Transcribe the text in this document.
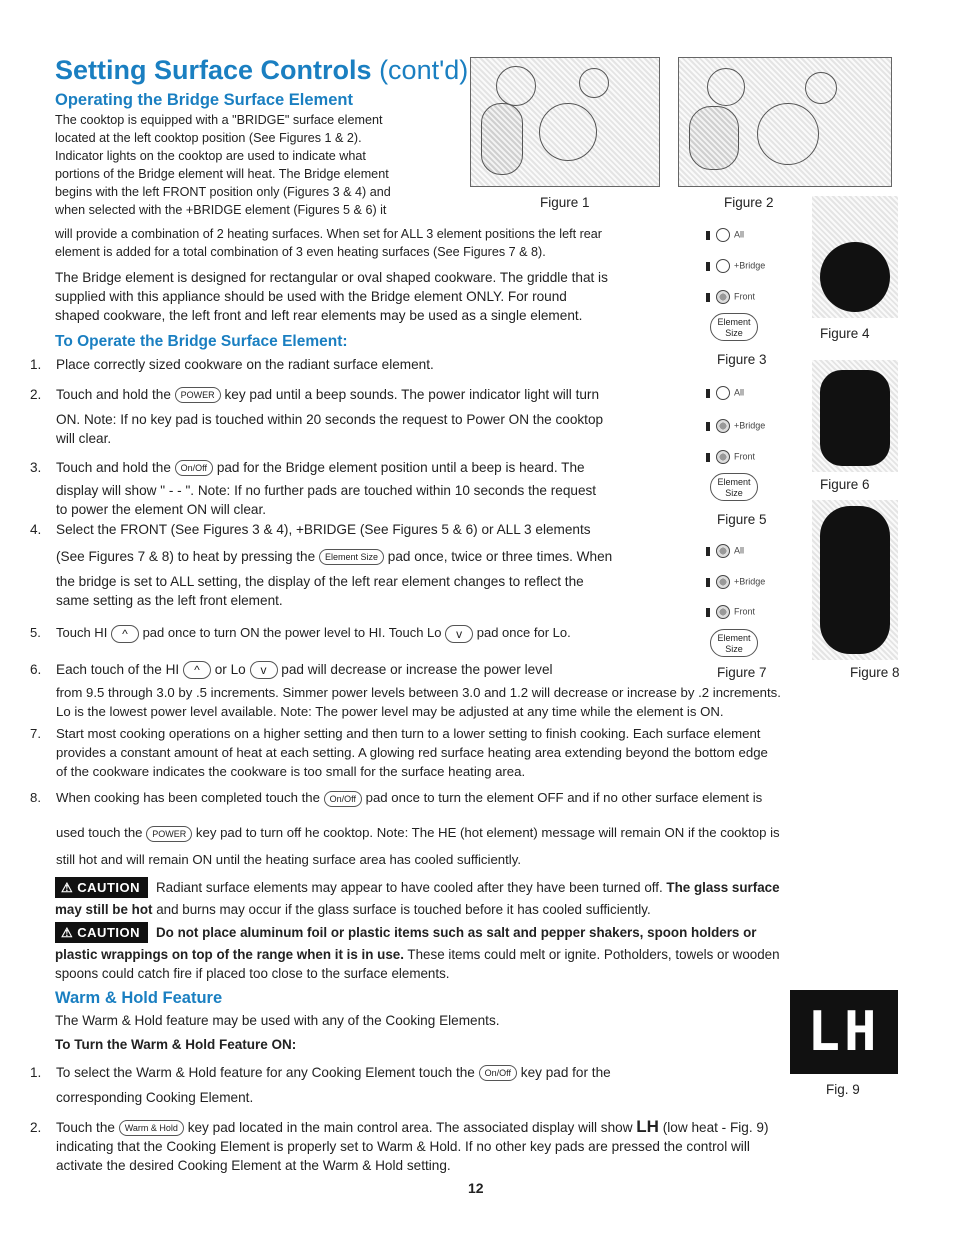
Setting Surface Controls (cont'd)
Operating the Bridge Surface Element
The cooktop is equipped with a "BRIDGE" surface element
located at the left cooktop position (See Figures 1 & 2).
Indicator lights on the cooktop are used to indicate what
portions of the Bridge element will heat. The Bridge element
begins with the left FRONT position only (Figures 3 & 4) and
when selected with the +BRIDGE element (Figures 5 & 6) it	Figure 1	Figure 2
will provide a combination of 2 heating surfaces. When set for ALL 3 element positions the left rear
element is added for a total combination of 3 even heating surfaces (See Figures 7 & 8).
The Bridge element is designed for rectangular or oval shaped cookware. The griddle that is
supplied with this appliance should be used with the Bridge element ONLY. For round
shaped cookware, the left front and left rear elements may be used as a single element.
All
+Bridge
Front
Element
Size
Figure 3
Figure 4
All
+Bridge
Front
Element
Size
Figure 5
Figure 6
All
+Bridge
Front
Element
Size
Figure 7	Figure 8
To Operate the Bridge Surface Element:
1. Place correctly sized cookware on the radiant surface element.
2. Touch and hold the POWER key pad until a beep sounds. The power indicator light will turn
ON. Note: If no key pad is touched within 20 seconds the request to Power ON the cooktop
will clear.
3. Touch and hold the On/Off pad for the Bridge element position until a beep is heard. The
display will show " - - ". Note: If no further pads are touched within 10 seconds the request
to power the element ON will clear.
4. Select the FRONT (See Figures 3 & 4), +BRIDGE (See Figures 5 & 6) or ALL 3 elements
(See Figures 7 & 8) to heat by pressing the Element Size pad once, twice or three times. When
the bridge is set to ALL setting, the display of the left rear element changes to reflect the
same setting as the left front element.
5. Touch HI ^ pad once to turn ON the power level to HI. Touch Lo v pad once for Lo.
6. Each touch of the HI ^ or Lo v pad will decrease or increase the power level
from 9.5 through 3.0 by .5 increments. Simmer power levels between 3.0 and 1.2 will decrease or increase by .2 increments.
Lo is the lowest power level available. Note: The power level may be adjusted at any time while the element is ON.
7. Start most cooking operations on a higher setting and then turn to a lower setting to finish cooking. Each surface element
provides a constant amount of heat at each setting. A glowing red surface heating area extending beyond the bottom edge
of the cookware indicates the cookware is too small for the surface heating area.
8. When cooking has been completed touch the On/Off pad once to turn the element OFF and if no other surface element is
used touch the POWER key pad to turn off he cooktop. Note: The HE (hot element) message will remain ON if the cooktop is
still hot and will remain ON until the heating surface area has cooled sufficiently.
⚠ CAUTION Radiant surface elements may appear to have cooled after they have been turned off. The glass surface
may still be hot and burns may occur if the glass surface is touched before it has cooled sufficiently.
⚠ CAUTION Do not place aluminum foil or plastic items such as salt and pepper shakers, spoon holders or
plastic wrappings on top of the range when it is in use. These items could melt or ignite. Potholders, towels or wooden
spoons could catch fire if placed too close to the surface elements.
Warm & Hold Feature
The Warm & Hold feature may be used with any of the Cooking Elements.
To Turn the Warm & Hold Feature ON:
1. To select the Warm & Hold feature for any Cooking Element touch the On/Off key pad for the
corresponding Cooking Element.
2. Touch the Warm & Hold key pad located in the main control area. The associated display will show LH (low heat - Fig. 9)
indicating that the Cooking Element is properly set to Warm & Hold. If no other key pads are pressed the control will
activate the desired Cooking Element at the Warm & Hold setting.
LH
Fig. 9
12
